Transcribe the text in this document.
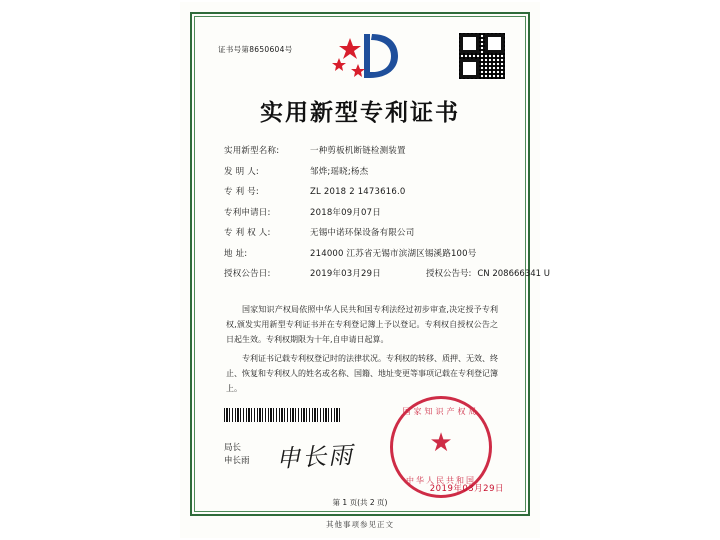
证书号第8650604号
实用新型专利证书
实用新型名称:	一种剪板机断链检测装置
发 明 人:	邹烨;瑶晓;杨杰
专 利 号:	ZL 2018 2 1473616.0
专利申请日:	2018年09月07日
专 利 权 人:	无锡中诺环保设备有限公司
地 址:	214000 江苏省无锡市滨湖区锡溪路100号
授权公告日:	2019年03月29日	授权公告号: CN 208666341 U

国家知识产权局依照中华人民共和国专利法经过初步审查,决定授予专利权,颁发实用新型专利证书并在专利登记簿上予以登记。专利权自授权公告之日起生效。专利权期限为十年,自申请日起算。

专利证书记载专利权登记时的法律状况。专利权的转移、质押、无效、终止、恢复和专利权人的姓名或名称、国籍、地址变更等事项记载在专利登记簿上。

局长
申长雨 申长雨
国家知识产权局
★
中华人民共和国
2019年03月29日
第 1 页(共 2 页)
其他事项参见正文
